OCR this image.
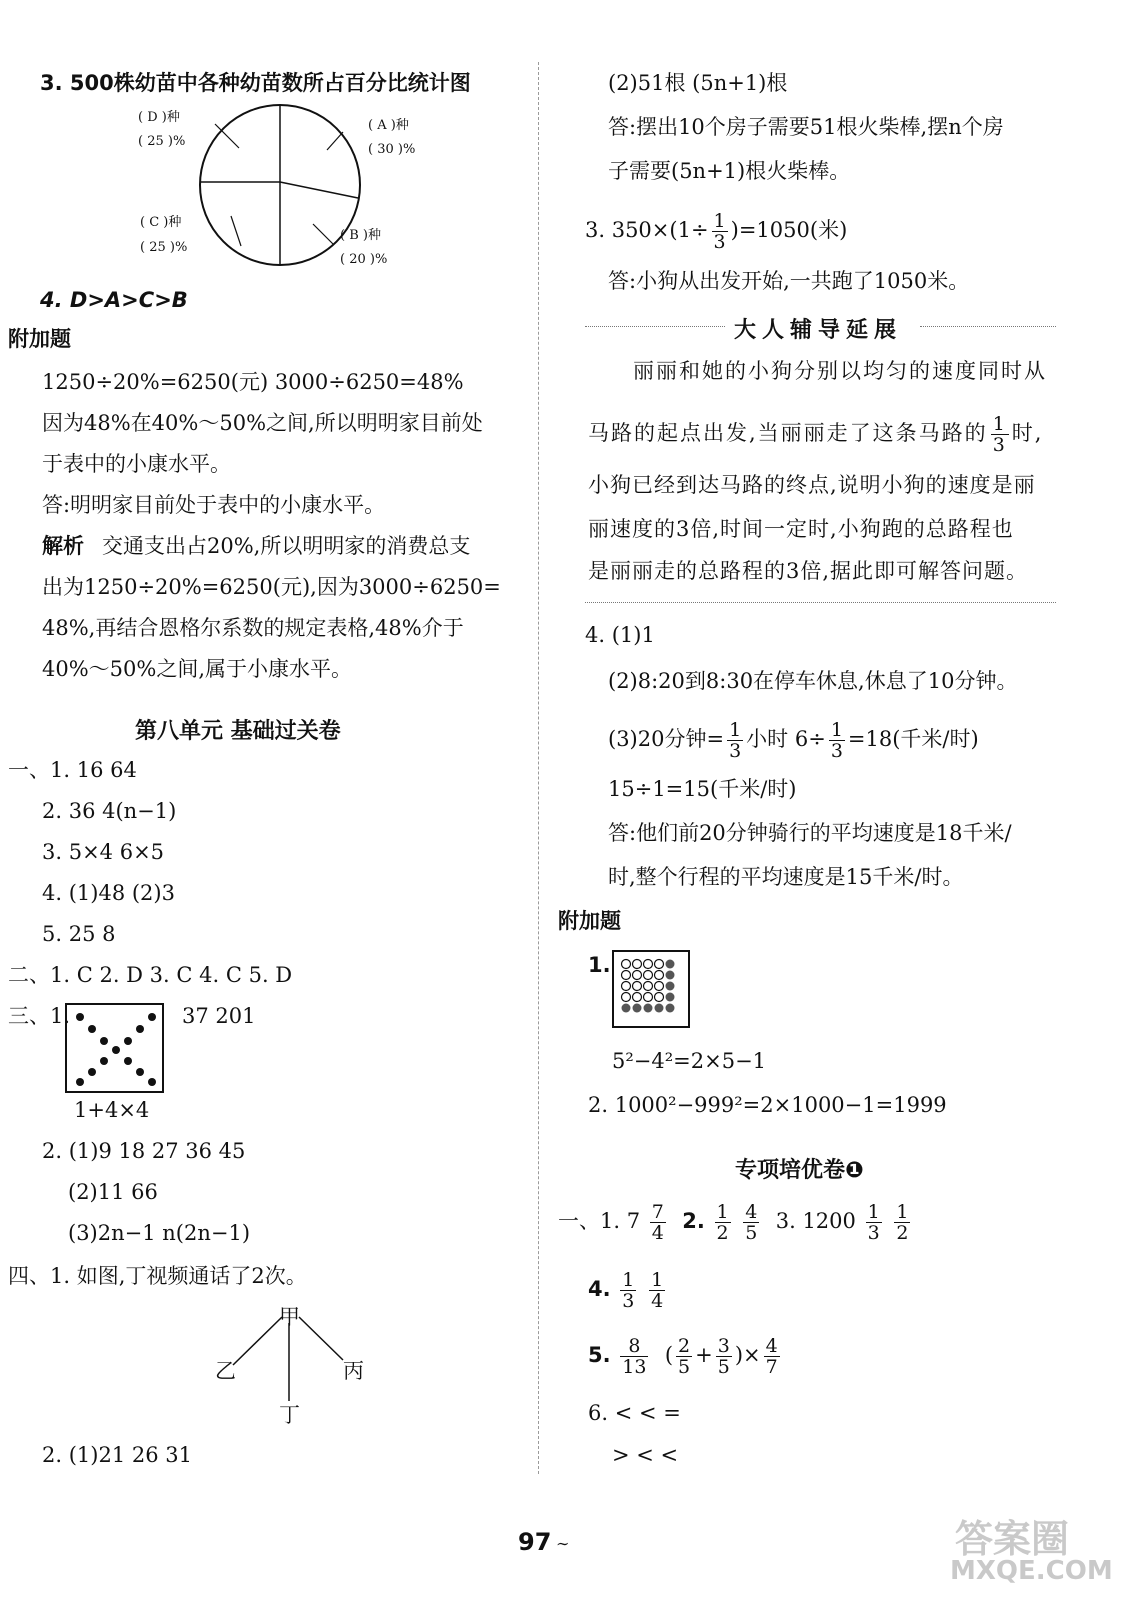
3. 500株幼苗中各种幼苗数所占百分比统计图
( D )种
( 25 )%
( A )种
( 30 )%
( C )种
( 25 )%
( B )种
( 20 )%
4. D>A>C>B
附加题
1250÷20%=6250(元) 3000÷6250=48%
因为48%在40%～50%之间,所以明明家目前处
于表中的小康水平。
答:明明家目前处于表中的小康水平。
解析 交通支出占20%,所以明明家的消费总支
出为1250÷20%=6250(元),因为3000÷6250=
48%,再结合恩格尔系数的规定表格,48%介于
40%～50%之间,属于小康水平。
第八单元 基础过关卷
一、1. 16 64
2. 36 4(n−1)
3. 5×4 6×5
4. (1)48 (2)3
5. 25 8
二、1. C 2. D 3. C 4. C 5. D
三、1.	37 201
1+4×4
2. (1)9 18 27 36 45
(2)11 66
(3)2n−1 n(2n−1)
四、1. 如图,丁视频通话了2次。
甲
乙	丙
丁
2. (1)21 26 31
(2)51根 (5n+1)根
答:摆出10个房子需要51根火柴棒,摆n个房
子需要(5n+1)根火柴棒。
3. $350\times(1\div \frac{1}{3} )=1050$(米)
答:小狗从出发开始,一共跑了1050米。
大人辅导延展
丽丽和她的小狗分别以均匀的速度同时从
马路的起点出发,当丽丽走了这条马路的 $\frac{1}{3}$ 时,
小狗已经到达马路的终点,说明小狗的速度是丽
丽速度的3倍,时间一定时,小狗跑的总路程也
是丽丽走的总路程的3倍,据此即可解答问题。
4. (1)1
(2)8:20到8:30在停车休息,休息了10分钟。
(3)20分钟= $\frac{1}{3}$ 小时 $6\div \frac{1}{3} =18$(千米/时)
15÷1=15(千米/时)
答:他们前20分钟骑行的平均速度是18千米/
时,整个行程的平均速度是15千米/时。
附加题
1.
5²−4²=2×5−1
2. 1000²−999²=2×1000−1=1999
专项培优卷❶
一、1. $7 \frac{7}{4} 2$. $\frac{1}{2}$
$\frac{4}{5} 3$. $1200 \frac{1}{3}$
$\frac{1}{2}$
4. $\frac{1}{3}$
$\frac{1}{4}$
5. $\frac{8}{13}$ ( $\frac{2}{5} + \frac{3}{5}$ )× $\frac{4}{7}$
6. < < =
> < <
97 ∼	答案圈
MXQE.COM
